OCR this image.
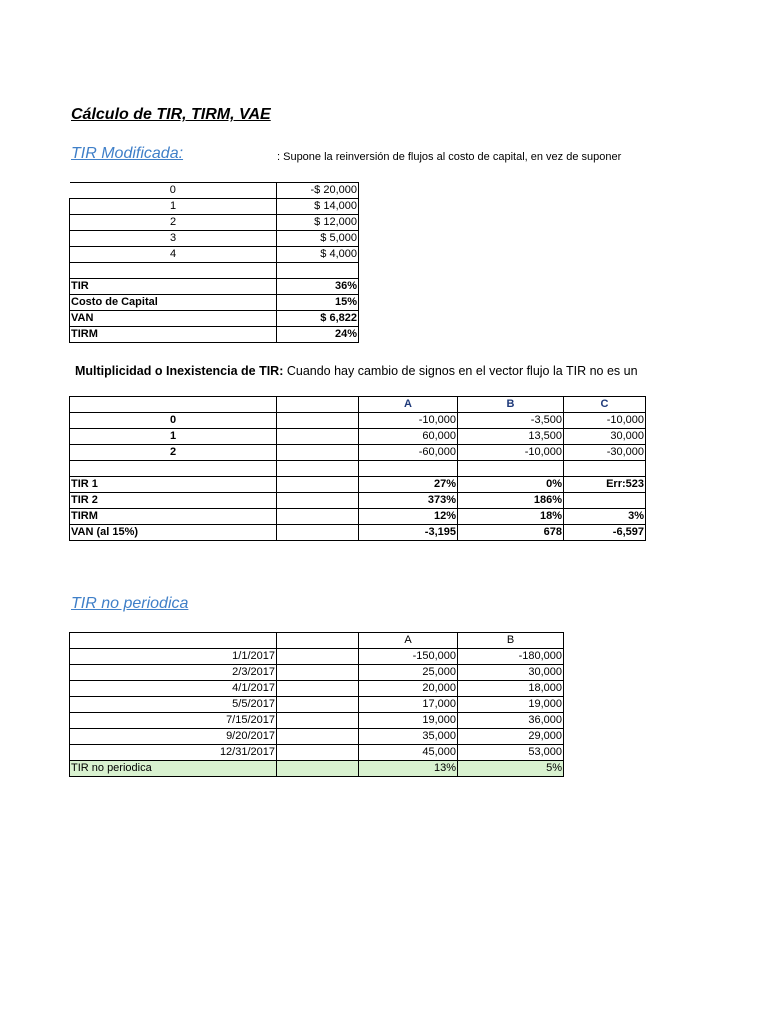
Cálculo de TIR, TIRM, VAE
TIR Modificada:	: Supone la reinversión de flujos al costo de capital, en vez de suponer
0	-$ 20,000
1	$ 14,000
2	$ 12,000
3	$ 5,000
4	$ 4,000

TIR	36%
Costo de Capital	15%
VAN	$ 6,822
TIRM	24%
Multiplicidad o Inexistencia de TIR: Cuando hay cambio de signos en el vector flujo la TIR no es un
		A	B	C
0		-10,000	-3,500	-10,000
1		60,000	13,500	30,000
2		-60,000	-10,000	-30,000

TIR 1		27%	0%	Err:523
TIR 2		373%	186%	
TIRM		12%	18%	3%
VAN (al 15%)		-3,195	678	-6,597
TIR no periodica
		A	B
1/1/2017		-150,000	-180,000
2/3/2017		25,000	30,000
4/1/2017		20,000	18,000
5/5/2017		17,000	19,000
7/15/2017		19,000	36,000
9/20/2017		35,000	29,000
12/31/2017		45,000	53,000
TIR no periodica		13%	5%
